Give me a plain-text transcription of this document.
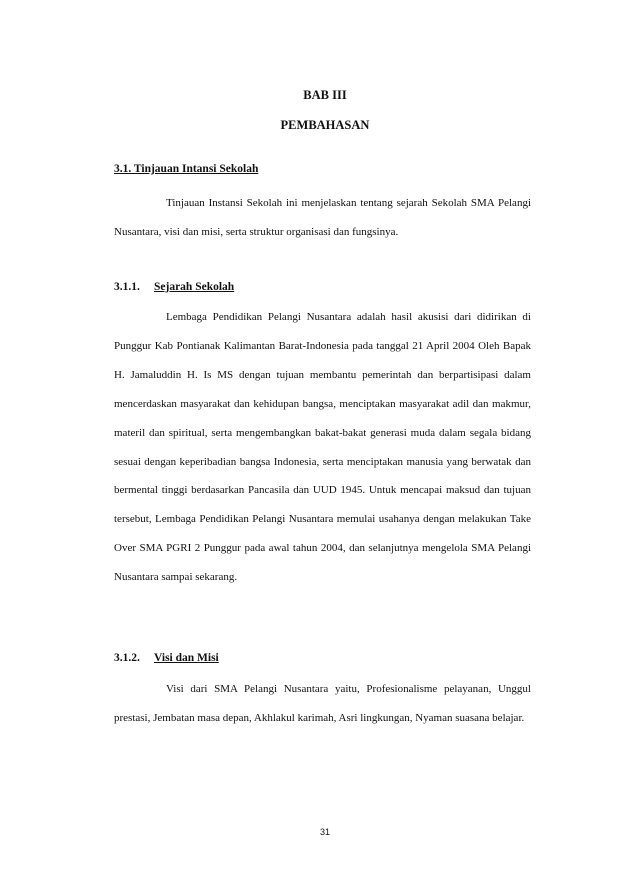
BAB III
PEMBAHASAN
3.1. Tinjauan Intansi Sekolah

Tinjauan Instansi Sekolah ini menjelaskan tentang sejarah Sekolah SMA Pelangi Nusantara, visi dan misi, serta struktur organisasi dan fungsinya.

3.1.1. Sejarah Sekolah

Lembaga Pendidikan Pelangi Nusantara adalah hasil akusisi dari didirikan di Punggur Kab Pontianak Kalimantan Barat-Indonesia pada tanggal 21 April 2004 Oleh Bapak H. Jamaluddin H. Is MS dengan tujuan membantu pemerintah dan berpartisipasi dalam mencerdaskan masyarakat dan kehidupan bangsa, menciptakan masyarakat adil dan makmur, materil dan spiritual, serta mengembangkan bakat-bakat generasi muda dalam segala bidang sesuai dengan keperibadian bangsa Indonesia, serta menciptakan manusia yang berwatak dan bermental tinggi berdasarkan Pancasila dan UUD 1945. Untuk mencapai maksud dan tujuan tersebut, Lembaga Pendidikan Pelangi Nusantara memulai usahanya dengan melakukan Take Over SMA PGRI 2 Punggur pada awal tahun 2004, dan selanjutnya mengelola SMA Pelangi Nusantara sampai sekarang.

3.1.2. Visi dan Misi

Visi dari SMA Pelangi Nusantara yaitu, Profesionalisme pelayanan, Unggul prestasi, Jembatan masa depan, Akhlakul karimah, Asri lingkungan, Nyaman suasana belajar.

31
